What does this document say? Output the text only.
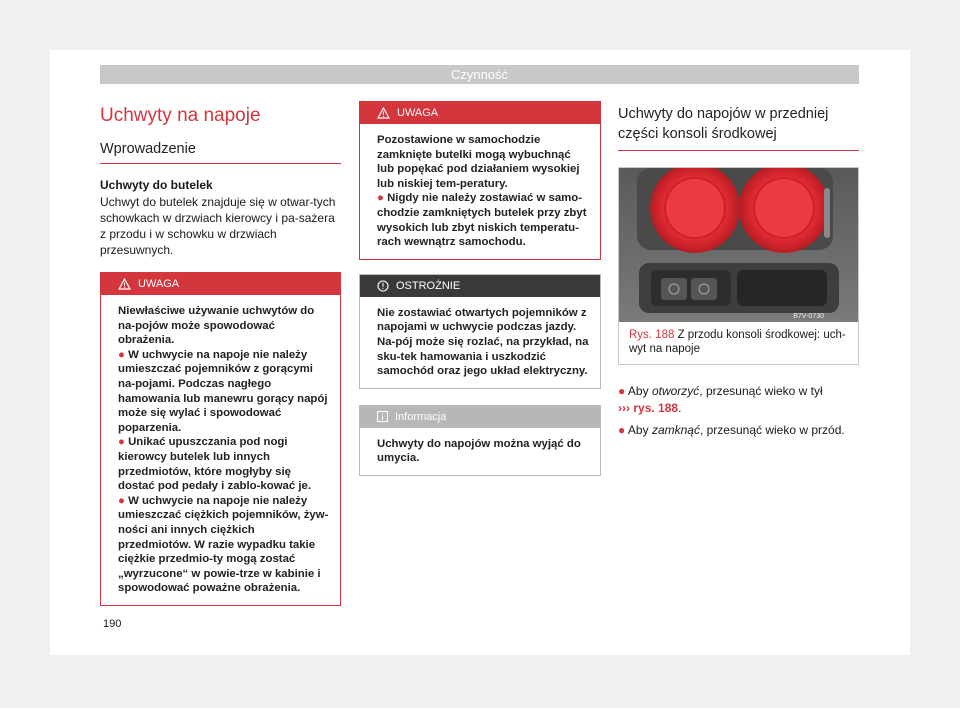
Czynność
Uchwyty na napoje
Wprowadzenie
Uchwyty do butelek
Uchwyt do butelek znajduje się w otwar-tych schowkach w drzwiach kierowcy i pa-sażera z przodu i w schowku w drzwiach przesuwnych.
UWAGA

Niewłaściwe używanie uchwytów do na-pojów może spowodować obrażenia.

● W uchwycie na napoje nie należy umieszczać pojemników z gorącymi na-pojami. Podczas nagłego hamowania lub manewru gorący napój może się wylać i spowodować poparzenia.

● Unikać upuszczania pod nogi kierowcy butelek lub innych przedmiotów, które mogłyby się dostać pod pedały i zablo-kować je.

● W uchwycie na napoje nie należy umieszczać ciężkich pojemników, żyw-ności ani innych ciężkich przedmiotów. W razie wypadku takie ciężkie przedmio-ty mogą zostać „wyrzucone“ w powie-trze w kabinie i spowodować poważne obrażenia.

UWAGA

Pozostawione w samochodzie zamknięte butelki mogą wybuchnąć lub popękać pod działaniem wysokiej lub niskiej tem-peratury.

● Nigdy nie należy zostawiać w samo-chodzie zamkniętych butelek przy zbyt wysokich lub zbyt niskich temperatu-rach wewnątrz samochodu.

OSTROŻNIE
Nie zostawiać otwartych pojemników z napojami w uchwycie podczas jazdy. Na-pój może się rozlać, na przykład, na sku-tek hamowania i uszkodzić samochód oraz jego układ elektryczny.
Informacja
Uchwyty do napojów można wyjąć do umycia.
Uchwyty do napojów w przedniej części konsoli środkowej
B7V-0730
Rys. 188 Z przodu konsoli środkowej: uch-wyt na napoje
● Aby otworzyć, przesunąć wieko w tył
››› rys. 188.
● Aby zamknąć, przesunąć wieko w przód.
190
